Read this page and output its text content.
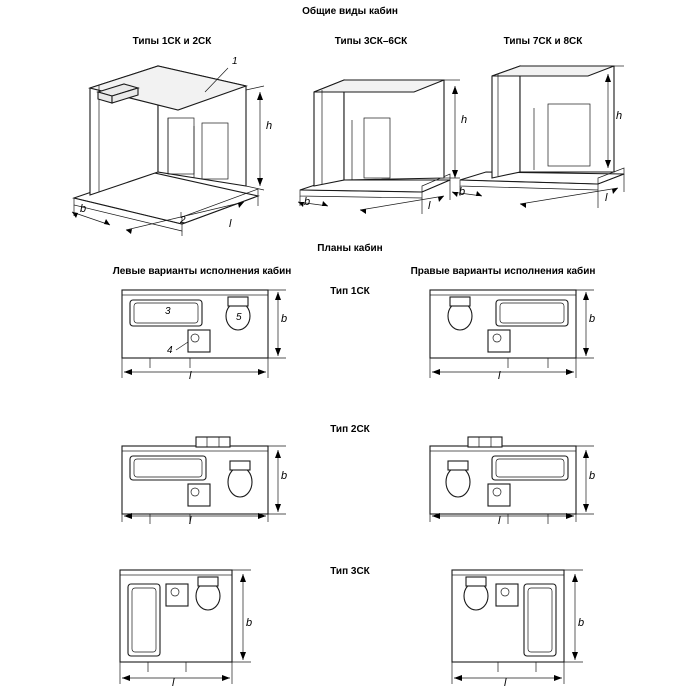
Общие виды кабин
Типы 1СК и 2СК	Типы 3СК–6СК	Типы 7СК и 8СК
1
2
h
b
l
h
b	l
h
b	l
Планы кабин
Левые варианты исполнения кабин	Правые варианты исполнения кабин
Тип 1СК
Тип 2СК
Тип 3СК
3
5
4
b
l
b
l
b
l
b
l
b
l
b
l
